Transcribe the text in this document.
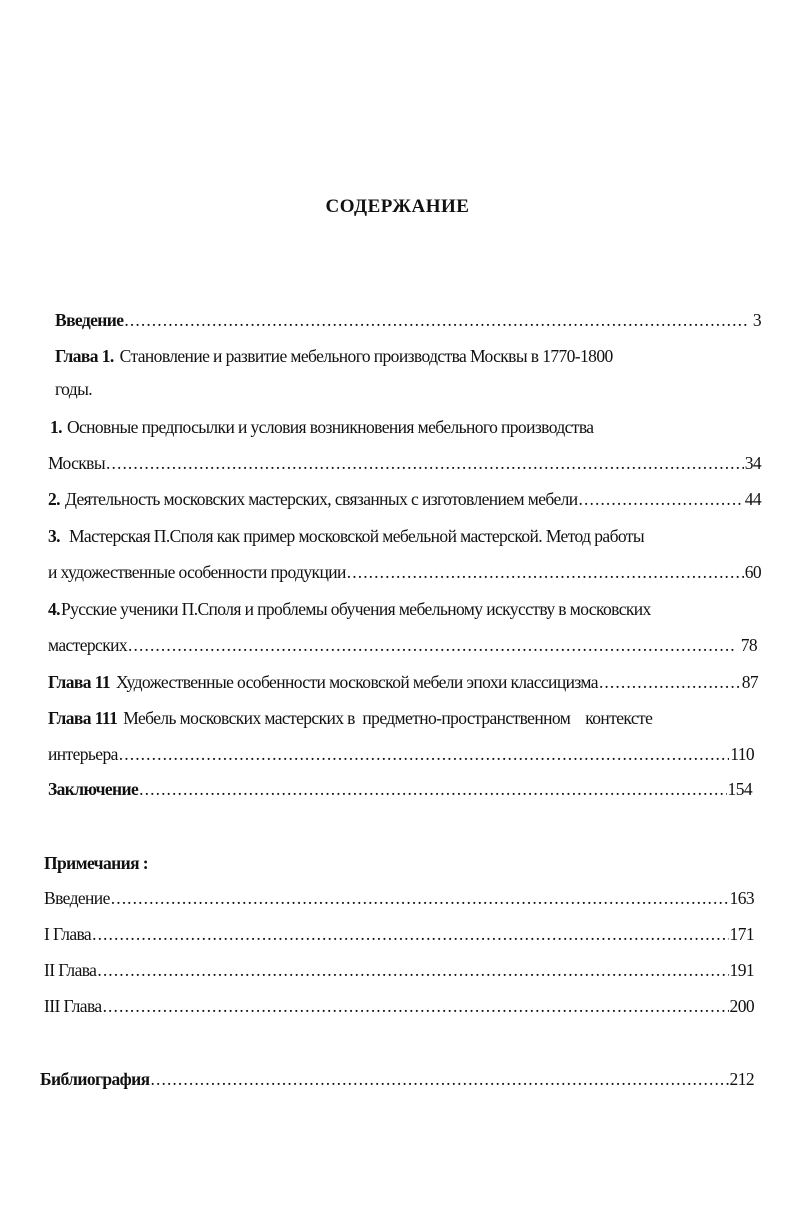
СОДЕРЖАНИЕ
Введение .....	3
Глава 1. Становление и развитие мебельного производства Москвы в 1770-1800
годы.
1. Основные предпосылки и условия возникновения мебельного производства
Москвы .....	34
2. Деятельность московских мастерских, связанных с изготовлением мебели .....	44
3. Мастерская П.Споля как пример московской мебельной мастерской. Метод работы
и художественные особенности продукции .....	60
4. Русские ученики П.Споля и проблемы обучения мебельному искусству в московских
мастерских .....	78
Глава 11 Художественные особенности московской мебели эпохи классицизма .....	87
Глава 111 Мебель московских мастерских в  предметно-пространственном    контексте
интерьера .....	110
Заключение .....	154
Примечания :
Введение .....	163
I Глава .....	171
II Глава .....	191
III Глава .....	200
Библиография .....	212
